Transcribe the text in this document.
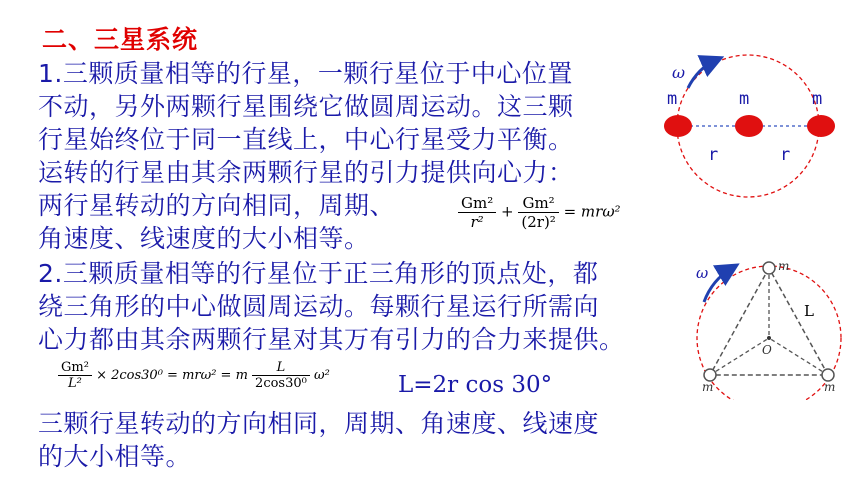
二、三星系统
1.三颗质量相等的行星，一颗行星位于中心位置
不动，另外两颗行星围绕它做圆周运动。这三颗
行星始终位于同一直线上，中心行星受力平衡。
运转的行星由其余两颗行星的引力提供向心力：
两行星转动的方向相同，周期、
角速度、线速度的大小相等。
2.三颗质量相等的行星位于正三角形的顶点处，都
绕三角形的中心做圆周运动。每颗行星运行所需向
心力都由其余两颗行星对其万有引力的合力来提供。
三颗行星转动的方向相同，周期、角速度、线速度
的大小相等。
$\frac{\text{Gm²}}{\text{r²}} + \frac{\text{Gm²}}{\text{(2r)²}} = mr\omega^2$
$\frac{\text{Gm²}}{\text{L²}} \times 2\cos 30^0 = mr\omega^2 = m \frac{L}{\text{2cos30⁰}} \omega^2$	L=2r cos 30°
ω
m	m	m
r	r
ω	m
m	m
L
O
